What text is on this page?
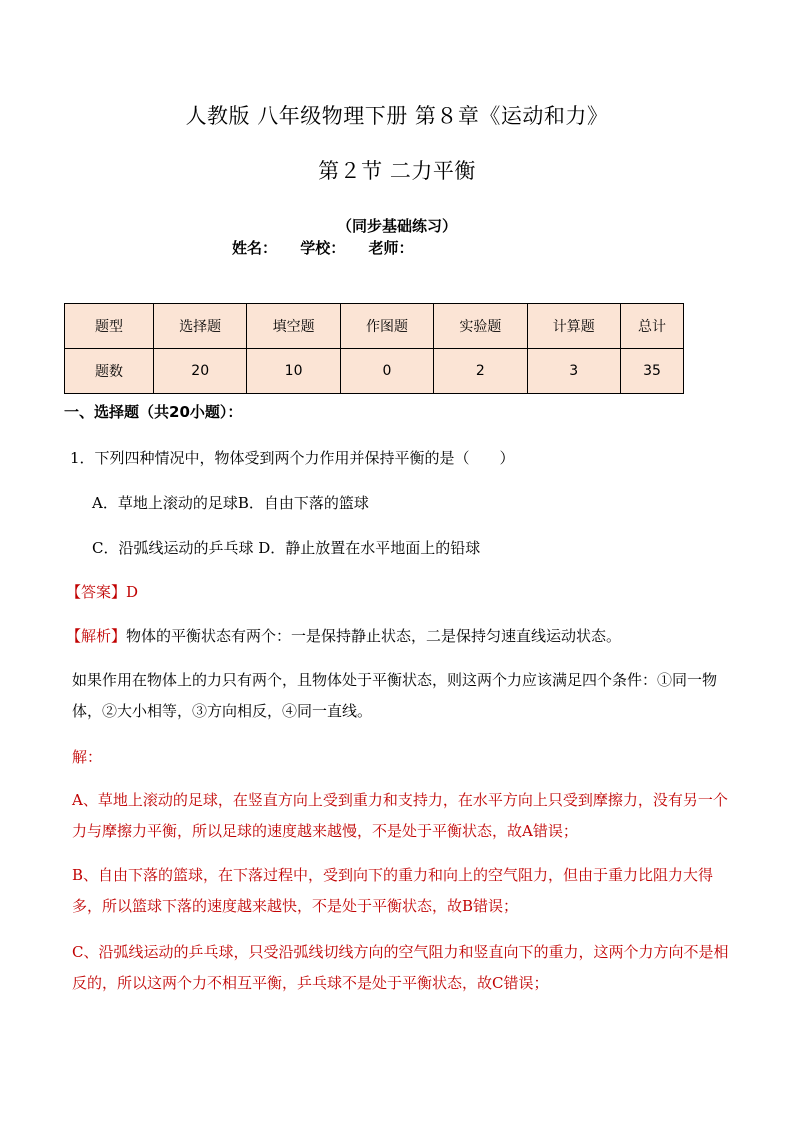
人教版 八年级物理下册 第８章《运动和力》
第２节 二力平衡
（同步基础练习）
姓名： 学校： 老师：
题型	选择题	填空题	作图题	实验题	计算题	总计
题数	20	10	0	2	3	35
一、选择题（共20小题）：
1．下列四种情况中，物体受到两个力作用并保持平衡的是（　　）
A．草地上滚动的足球B．自由下落的篮球
C．沿弧线运动的乒乓球 D．静止放置在水平地面上的铅球
【答案】D
【解析】物体的平衡状态有两个：一是保持静止状态，二是保持匀速直线运动状态。
如果作用在物体上的力只有两个，且物体处于平衡状态，则这两个力应该满足四个条件：①同一物体，②大小相等，③方向相反，④同一直线。
解：
A、草地上滚动的足球，在竖直方向上受到重力和支持力，在水平方向上只受到摩擦力，没有另一个力与摩擦力平衡，所以足球的速度越来越慢，不是处于平衡状态，故A错误；
B、自由下落的篮球，在下落过程中，受到向下的重力和向上的空气阻力，但由于重力比阻力大得多，所以篮球下落的速度越来越快，不是处于平衡状态，故B错误；
C、沿弧线运动的乒乓球，只受沿弧线切线方向的空气阻力和竖直向下的重力，这两个力方向不是相反的，所以这两个力不相互平衡，乒乓球不是处于平衡状态，故C错误；
